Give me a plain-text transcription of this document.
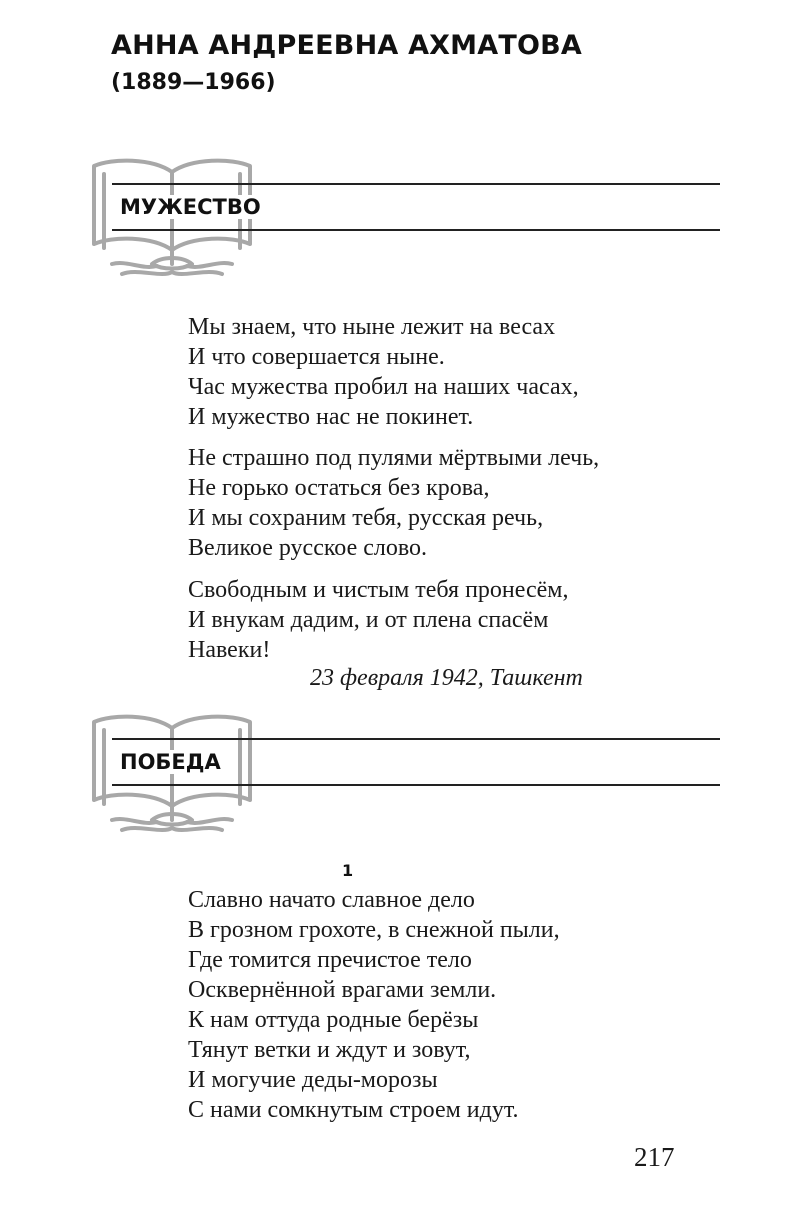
АННА АНДРЕЕВНА АХМАТОВА
(1889—1966)
МУЖЕСТВО
Мы знаем, что ныне лежит на весах
И что совершается ныне.
Час мужества пробил на наших часах,
И мужество нас не покинет.
Не страшно под пулями мёртвыми лечь,
Не горько остаться без крова,
И мы сохраним тебя, русская речь,
Великое русское слово.
Свободным и чистым тебя пронесём,
И внукам дадим, и от плена спасём
Навеки!
23 февраля 1942, Ташкент
ПОБЕДА
1
Славно начато славное дело
В грозном грохоте, в снежной пыли,
Где томится пречистое тело
Осквернённой врагами земли.
К нам оттуда родные берёзы
Тянут ветки и ждут и зовут,
И могучие деды-морозы
С нами сомкнутым строем идут.
217
